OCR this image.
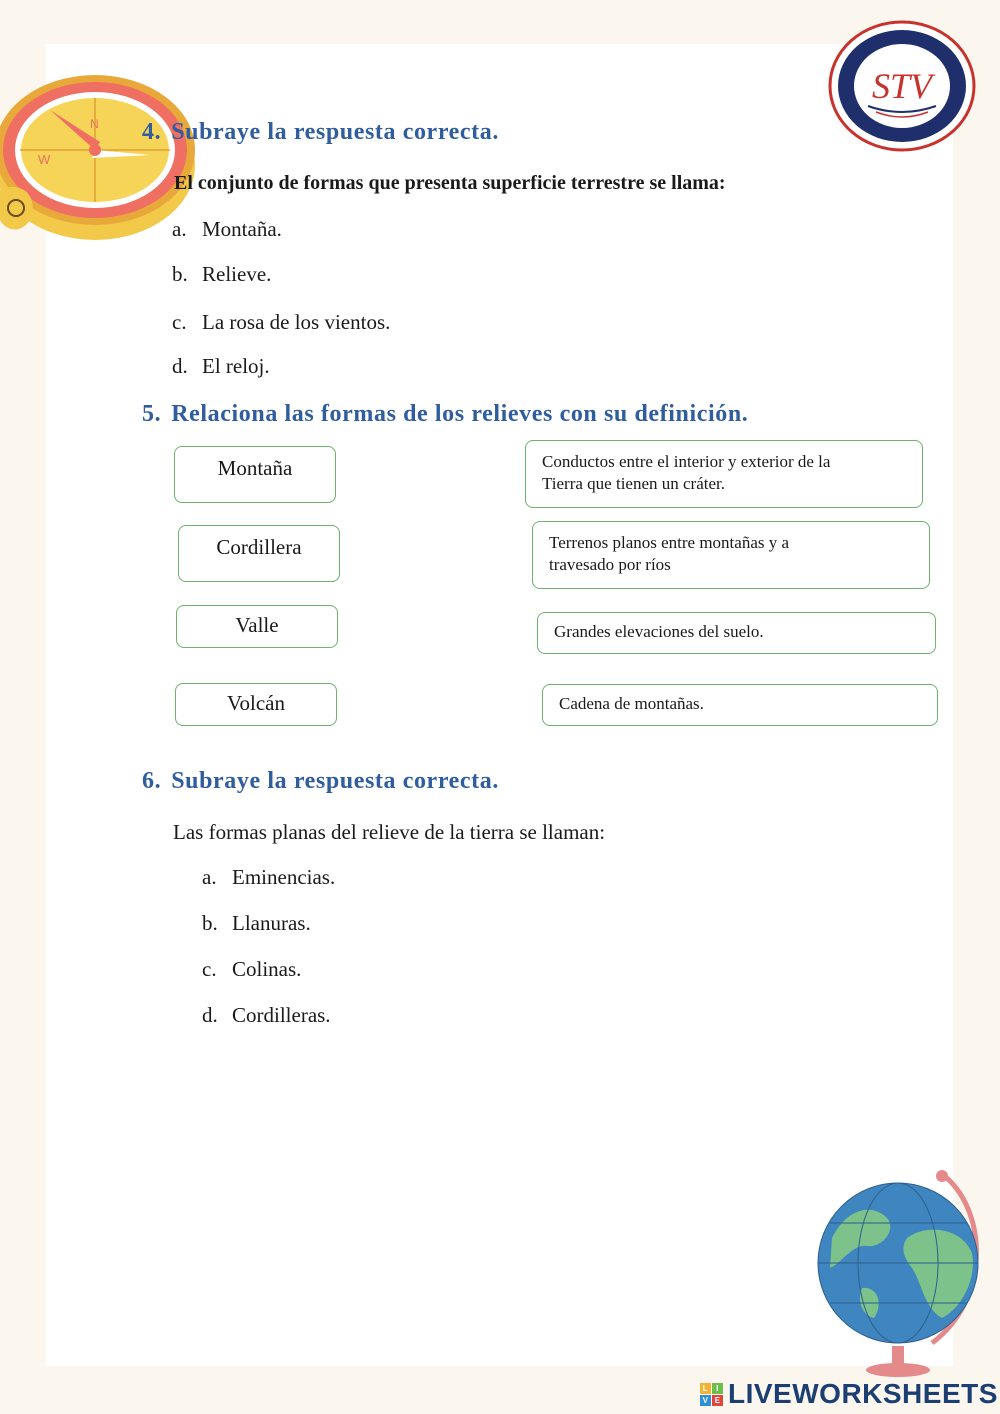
W
N
STV
4. Subraye la respuesta correcta.
El conjunto de formas que presenta superficie terrestre se llama:
a. Montaña.
b. Relieve.
c. La rosa de los vientos.
d. El reloj.
5. Relaciona las formas de los relieves con su definición.
Montaña
Cordillera
Valle
Volcán
Conductos entre el interior y exterior de la
Tierra que tienen un cráter.
Terrenos planos entre montañas y a
travesado por ríos
Grandes elevaciones del suelo.
Cadena de montañas.
6. Subraye la respuesta correcta.
Las formas planas del relieve de la tierra se llaman:
a. Eminencias.
b. Llanuras.
c. Colinas.
d. Cordilleras.
L I
V E LIVEWORKSHEETS
